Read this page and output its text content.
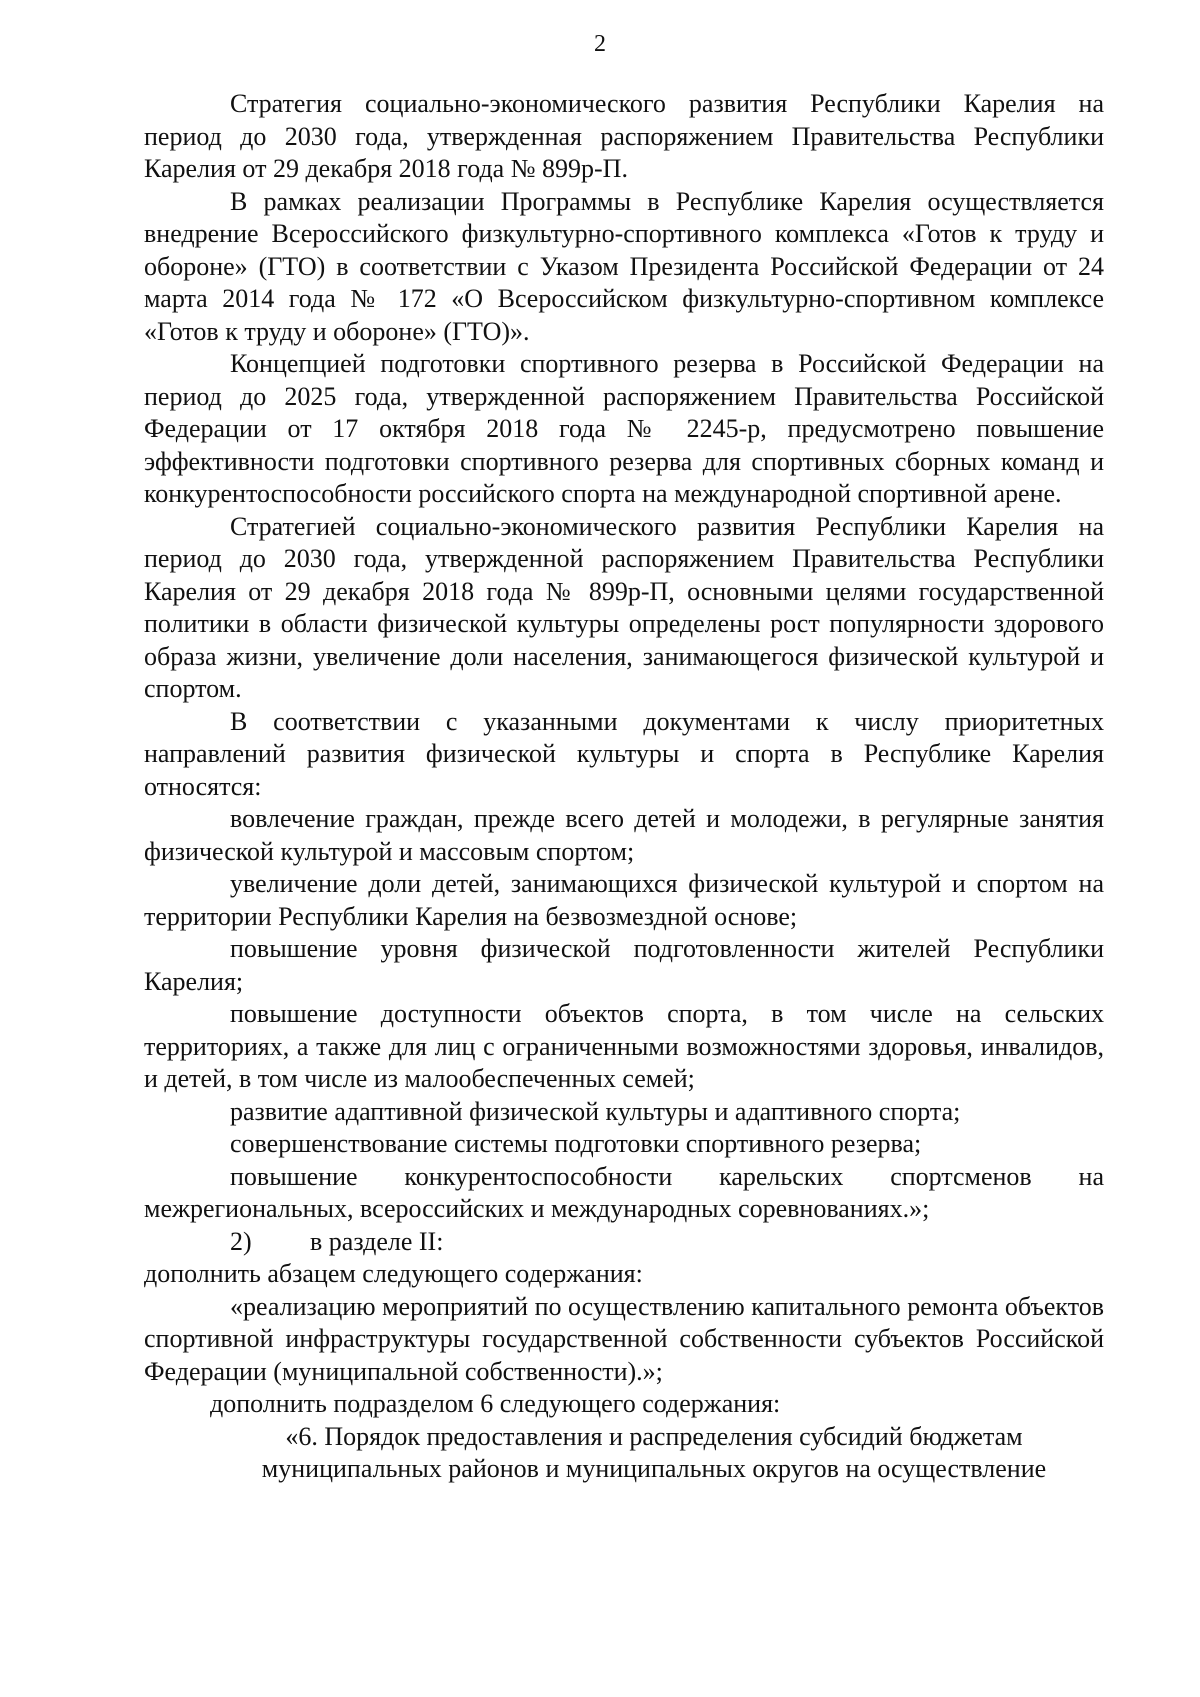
2

Стратегия социально-экономического развития Республики Карелия на период до 2030 года, утвержденная распоряжением Правительства Республики Карелия от 29 декабря 2018 года № 899р-П.

В рамках реализации Программы в Республике Карелия осуществляется внедрение Всероссийского физкультурно-спортивного комплекса «Готов к труду и обороне» (ГТО) в соответствии с Указом Президента Российской Федерации от 24 марта 2014 года № 172 «О Всероссийском физкультурно-спортивном комплексе «Готов к труду и обороне» (ГТО)».

Концепцией подготовки спортивного резерва в Российской Федерации на период до 2025 года, утвержденной распоряжением Правительства Российской Федерации от 17 октября 2018 года № 2245-р, предусмотрено повышение эффективности подготовки спортивного резерва для спортивных сборных команд и конкурентоспособности российского спорта на международной спортивной арене.

Стратегией социально-экономического развития Республики Карелия на период до 2030 года, утвержденной распоряжением Правительства Республики Карелия от 29 декабря 2018 года № 899р-П, основными целями государственной политики в области физической культуры определены рост популярности здорового образа жизни, увеличение доли населения, занимающегося физической культурой и спортом.

В соответствии с указанными документами к числу приоритетных направлений развития физической культуры и спорта в Республике Карелия относятся:

вовлечение граждан, прежде всего детей и молодежи, в регулярные занятия физической культурой и массовым спортом;

увеличение доли детей, занимающихся физической культурой и спортом на территории Республики Карелия на безвозмездной основе;

повышение уровня физической подготовленности жителей Республики Карелия;

повышение доступности объектов спорта, в том числе на сельских территориях, а также для лиц с ограниченными возможностями здоровья, инвалидов, и детей, в том числе из малообеспеченных семей;

развитие адаптивной физической культуры и адаптивного спорта;

совершенствование системы подготовки спортивного резерва;

повышение конкурентоспособности карельских спортсменов на межрегиональных, всероссийских и международных соревнованиях.»;

2) в разделе II:

дополнить абзацем следующего содержания:

«реализацию мероприятий по осуществлению капитального ремонта объектов спортивной инфраструктуры государственной собственности субъектов Российской Федерации (муниципальной собственности).»;

дополнить подразделом 6 следующего содержания:

«6. Порядок предоставления и распределения субсидий бюджетам
муниципальных районов и муниципальных округов на осуществление
